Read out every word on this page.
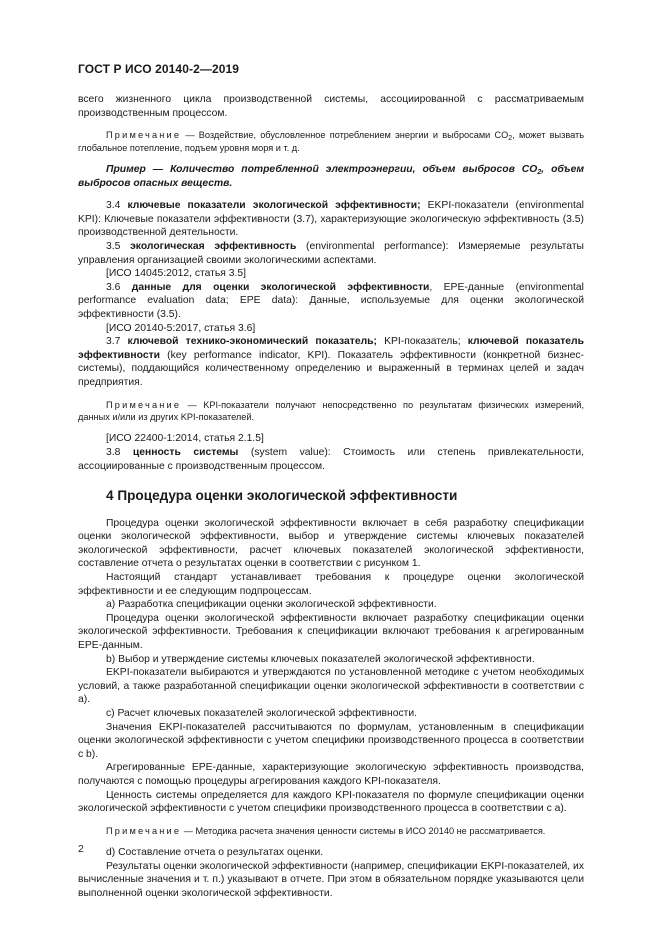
ГОСТ Р ИСО 20140-2—2019

всего жизненного цикла производственной системы, ассоциированной с рассматриваемым производственным процессом.

Примечание — Воздействие, обусловленное потреблением энергии и выбросами $CO_2$, может вызвать глобальное потепление, подъем уровня моря и т. д.

Пример — Количество потребленной электроэнергии, объем выбросов $CO_2$, объем выбросов опасных веществ.

3.4 ключевые показатели экологической эффективности; EKPI-показатели (environmental KPI): Ключевые показатели эффективности (3.7), характеризующие экологическую эффективность (3.5) производственной деятельности.

3.5 экологическая эффективность (environmental performance): Измеряемые результаты управления организацией своими экологическими аспектами.

[ИСО 14045:2012, статья 3.5]

3.6 данные для оценки экологической эффективности, EPE-данные (environmental performance evaluation data; EPE data): Данные, используемые для оценки экологической эффективности (3.5).

[ИСО 20140-5:2017, статья 3.6]

3.7 ключевой технико-экономический показатель; KPI-показатель; ключевой показатель эффективности (key performance indicator, KPI). Показатель эффективности (конкретной бизнес-системы), поддающийся количественному определению и выраженный в терминах целей и задач предприятия.

Примечание — KPI-показатели получают непосредственно по результатам физических измерений, данных и/или из других KPI-показателей.

[ИСО 22400-1:2014, статья 2.1.5]

3.8 ценность системы (system value): Стоимость или степень привлекательности, ассоциированные с производственным процессом.

4 Процедура оценки экологической эффективности

Процедура оценки экологической эффективности включает в себя разработку спецификации оценки экологической эффективности, выбор и утверждение системы ключевых показателей экологической эффективности, расчет ключевых показателей экологической эффективности, составление отчета о результатах оценки в соответствии с рисунком 1.

Настоящий стандарт устанавливает требования к процедуре оценки экологической эффективности и ее следующим подпроцессам.

a) Разработка спецификации оценки экологической эффективности.

Процедура оценки экологической эффективности включает разработку спецификации оценки экологической эффективности. Требования к спецификации включают требования к агрегированным EPE-данным.

b) Выбор и утверждение системы ключевых показателей экологической эффективности.

EKPI-показатели выбираются и утверждаются по установленной методике с учетом необходимых условий, а также разработанной спецификации оценки экологической эффективности в соответствии с а).

c) Расчет ключевых показателей экологической эффективности.

Значения EKPI-показателей рассчитываются по формулам, установленным в спецификации оценки экологической эффективности с учетом специфики производственного процесса в соответствии с b).

Агрегированные EPE-данные, характеризующие экологическую эффективность производства, получаются с помощью процедуры агрегирования каждого KPI-показателя.

Ценность системы определяется для каждого KPI-показателя по формуле спецификации оценки экологической эффективности с учетом специфики производственного процесса в соответствии с а).

Примечание — Методика расчета значения ценности системы в ИСО 20140 не рассматривается.

d) Составление отчета о результатах оценки.

Результаты оценки экологической эффективности (например, спецификации EKPI-показателей, их вычисленные значения и т. п.) указывают в отчете. При этом в обязательном порядке указываются цели выполненной оценки экологической эффективности.

2
